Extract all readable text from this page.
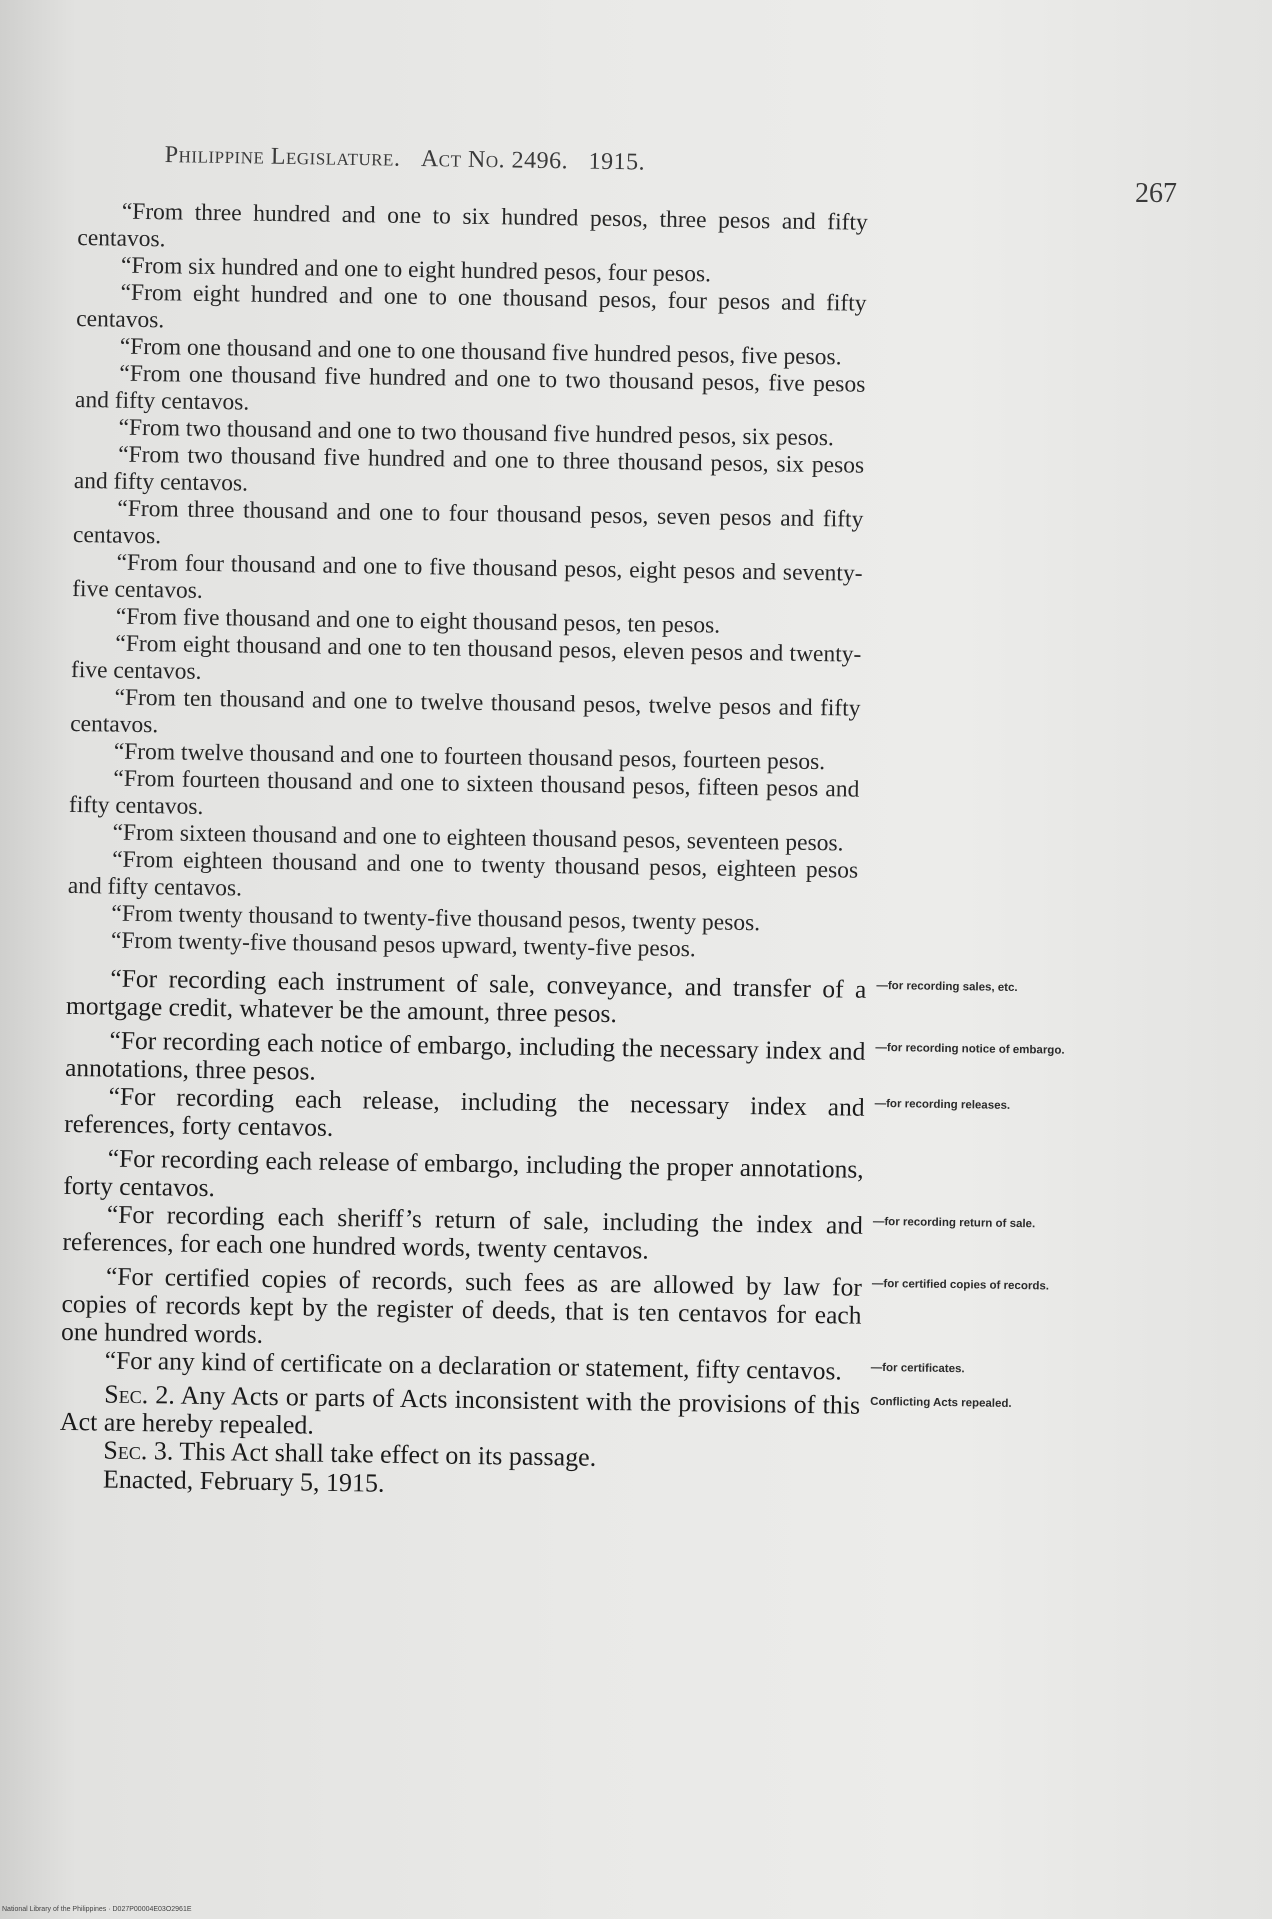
Philippine Legislature. Act No. 2496. 1915.
267

“From three hundred and one to six hundred pesos, three pesos and fifty centavos.

“From six hundred and one to eight hundred pesos, four pesos.

“From eight hundred and one to one thousand pesos, four pesos and fifty centavos.

“From one thousand and one to one thousand five hundred pesos, five pesos.

“From one thousand five hundred and one to two thousand pesos, five pesos and fifty centavos.

“From two thousand and one to two thousand five hundred pesos, six pesos.

“From two thousand five hundred and one to three thousand pesos, six pesos and fifty centavos.

“From three thousand and one to four thousand pesos, seven pesos and fifty centavos.

“From four thousand and one to five thousand pesos, eight pesos and seventy-five centavos.

“From five thousand and one to eight thousand pesos, ten pesos.

“From eight thousand and one to ten thousand pesos, eleven pesos and twenty-five centavos.

“From ten thousand and one to twelve thousand pesos, twelve pesos and fifty centavos.

“From twelve thousand and one to fourteen thousand pesos, fourteen pesos.

“From fourteen thousand and one to sixteen thousand pesos, fifteen pesos and fifty centavos.

“From sixteen thousand and one to eighteen thousand pesos, seventeen pesos.

“From eighteen thousand and one to twenty thousand pesos, eighteen pesos and fifty centavos.

“From twenty thousand to twenty-five thousand pesos, twenty pesos.

“From twenty-five thousand pesos upward, twenty-five pesos.

“For recording each instrument of sale, conveyance, and transfer of a mortgage credit, whatever be the amount, three pesos.

—for recording sales, etc.

“For recording each notice of embargo, including the necessary index and annotations, three pesos.

—for recording notice of embargo.

“For recording each release, including the necessary index and references, forty centavos.

—for recording releases.

“For recording each release of embargo, including the proper annotations, forty centavos.

“For recording each sheriff’s return of sale, including the index and references, for each one hundred words, twenty centavos.

—for recording return of sale.

“For certified copies of records, such fees as are allowed by law for copies of records kept by the register of deeds, that is ten centavos for each one hundred words.

—for certified copies of records.

“For any kind of certificate on a declaration or statement, fifty centavos.	—for certificates.

Sec. 2. Any Acts or parts of Acts inconsistent with the provisions of this Act are hereby repealed.

Conflicting Acts repealed.

Sec. 3. This Act shall take effect on its passage.

Enacted, February 5, 1915.
National Library of the Philippines · D027P00004E03O2961E
